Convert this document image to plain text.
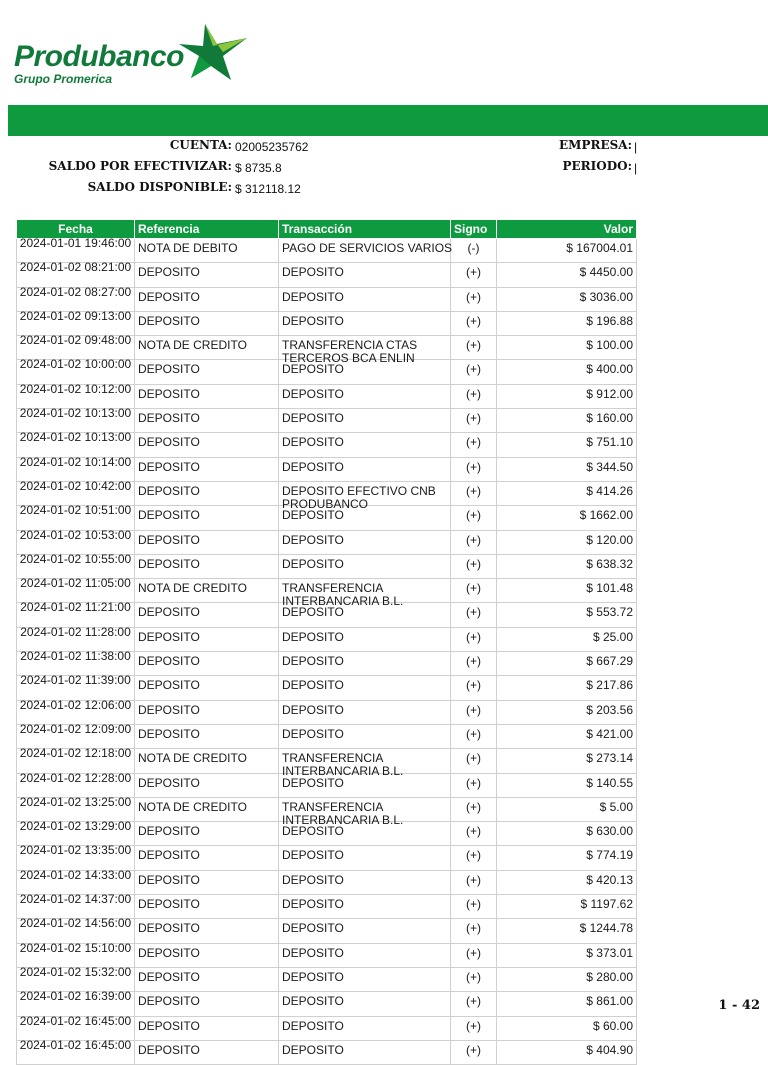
Produbanco
Grupo Promerica
CUENTA: 02005235762
SALDO POR EFECTIVIZAR: $ 8735.8
SALDO DISPONIBLE: $ 312118.12
EMPRESA: |
PERIODO: |
Fecha	Referencia	Transacción	Signo	Valor

2024-01-01 19:46:00	NOTA DE DEBITO	PAGO DE SERVICIOS VARIOS	(-)	$ 167004.01

2024-01-02 08:21:00	DEPOSITO	DEPOSITO	(+)	$ 4450.00

2024-01-02 08:27:00	DEPOSITO	DEPOSITO	(+)	$ 3036.00

2024-01-02 09:13:00	DEPOSITO	DEPOSITO	(+)	$ 196.88

2024-01-02 09:48:00	NOTA DE CREDITO	TRANSFERENCIA CTAS TERCEROS BCA ENLIN	(+)	$ 100.00

2024-01-02 10:00:00	DEPOSITO	DEPOSITO	(+)	$ 400.00

2024-01-02 10:12:00	DEPOSITO	DEPOSITO	(+)	$ 912.00

2024-01-02 10:13:00	DEPOSITO	DEPOSITO	(+)	$ 160.00

2024-01-02 10:13:00	DEPOSITO	DEPOSITO	(+)	$ 751.10

2024-01-02 10:14:00	DEPOSITO	DEPOSITO	(+)	$ 344.50

2024-01-02 10:42:00	DEPOSITO	DEPOSITO EFECTIVO CNB PRODUBANCO	(+)	$ 414.26

2024-01-02 10:51:00	DEPOSITO	DEPOSITO	(+)	$ 1662.00

2024-01-02 10:53:00	DEPOSITO	DEPOSITO	(+)	$ 120.00

2024-01-02 10:55:00	DEPOSITO	DEPOSITO	(+)	$ 638.32

2024-01-02 11:05:00	NOTA DE CREDITO	TRANSFERENCIA INTERBANCARIA B.L.	(+)	$ 101.48

2024-01-02 11:21:00	DEPOSITO	DEPOSITO	(+)	$ 553.72

2024-01-02 11:28:00	DEPOSITO	DEPOSITO	(+)	$ 25.00

2024-01-02 11:38:00	DEPOSITO	DEPOSITO	(+)	$ 667.29

2024-01-02 11:39:00	DEPOSITO	DEPOSITO	(+)	$ 217.86

2024-01-02 12:06:00	DEPOSITO	DEPOSITO	(+)	$ 203.56

2024-01-02 12:09:00	DEPOSITO	DEPOSITO	(+)	$ 421.00

2024-01-02 12:18:00	NOTA DE CREDITO	TRANSFERENCIA INTERBANCARIA B.L.	(+)	$ 273.14

2024-01-02 12:28:00	DEPOSITO	DEPOSITO	(+)	$ 140.55

2024-01-02 13:25:00	NOTA DE CREDITO	TRANSFERENCIA INTERBANCARIA B.L.	(+)	$ 5.00

2024-01-02 13:29:00	DEPOSITO	DEPOSITO	(+)	$ 630.00

2024-01-02 13:35:00	DEPOSITO	DEPOSITO	(+)	$ 774.19

2024-01-02 14:33:00	DEPOSITO	DEPOSITO	(+)	$ 420.13

2024-01-02 14:37:00	DEPOSITO	DEPOSITO	(+)	$ 1197.62

2024-01-02 14:56:00	DEPOSITO	DEPOSITO	(+)	$ 1244.78

2024-01-02 15:10:00	DEPOSITO	DEPOSITO	(+)	$ 373.01

2024-01-02 15:32:00	DEPOSITO	DEPOSITO	(+)	$ 280.00

2024-01-02 16:39:00	DEPOSITO	DEPOSITO	(+)	$ 861.00

2024-01-02 16:45:00	DEPOSITO	DEPOSITO	(+)	$ 60.00

2024-01-02 16:45:00	DEPOSITO	DEPOSITO	(+)	$ 404.90
1 - 42
